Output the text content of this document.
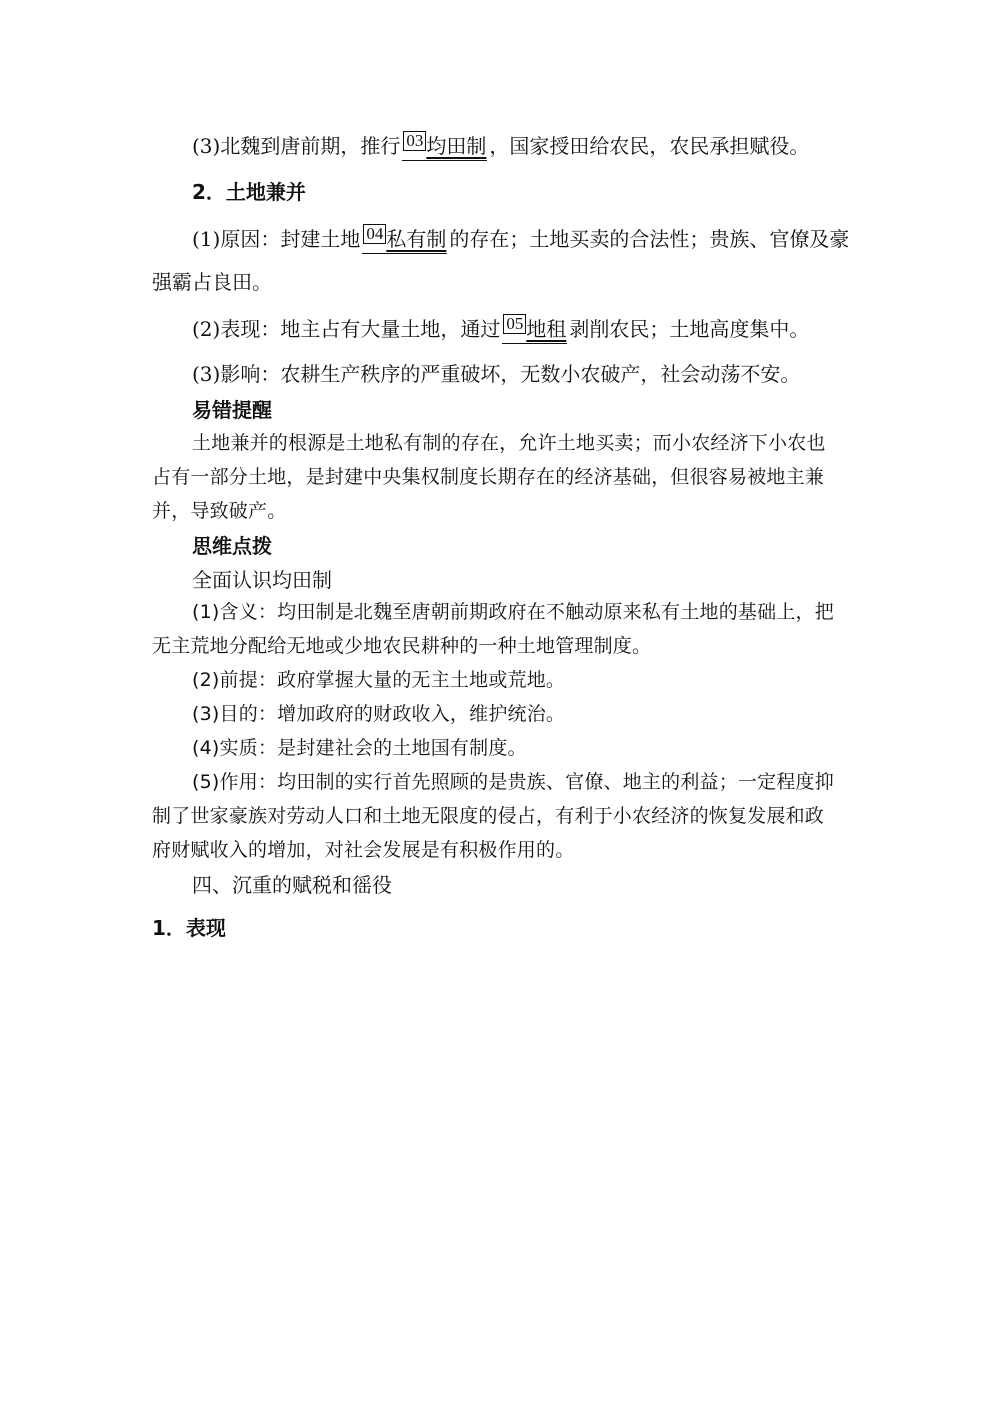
(3)北魏到唐前期，推行 03 均田制 ，国家授田给农民，农民承担赋役。
2．土地兼并
(1)原因：封建土地 04 私有制 的存在；土地买卖的合法性；贵族、官僚及豪
强霸占良田。
(2)表现：地主占有大量土地，通过 05 地租 剥削农民；土地高度集中。
(3)影响：农耕生产秩序的严重破坏，无数小农破产，社会动荡不安。
易错提醒
土地兼并的根源是土地私有制的存在，允许土地买卖；而小农经济下小农也
占有一部分土地，是封建中央集权制度长期存在的经济基础，但很容易被地主兼
并，导致破产。
思维点拨
全面认识均田制
(1)含义：均田制是北魏至唐朝前期政府在不触动原来私有土地的基础上，把
无主荒地分配给无地或少地农民耕种的一种土地管理制度。
(2)前提：政府掌握大量的无主土地或荒地。
(3)目的：增加政府的财政收入，维护统治。
(4)实质：是封建社会的土地国有制度。
(5)作用：均田制的实行首先照顾的是贵族、官僚、地主的利益；一定程度抑
制了世家豪族对劳动人口和土地无限度的侵占，有利于小农经济的恢复发展和政
府财赋收入的增加，对社会发展是有积极作用的。
四、沉重的赋税和徭役
1．表现
